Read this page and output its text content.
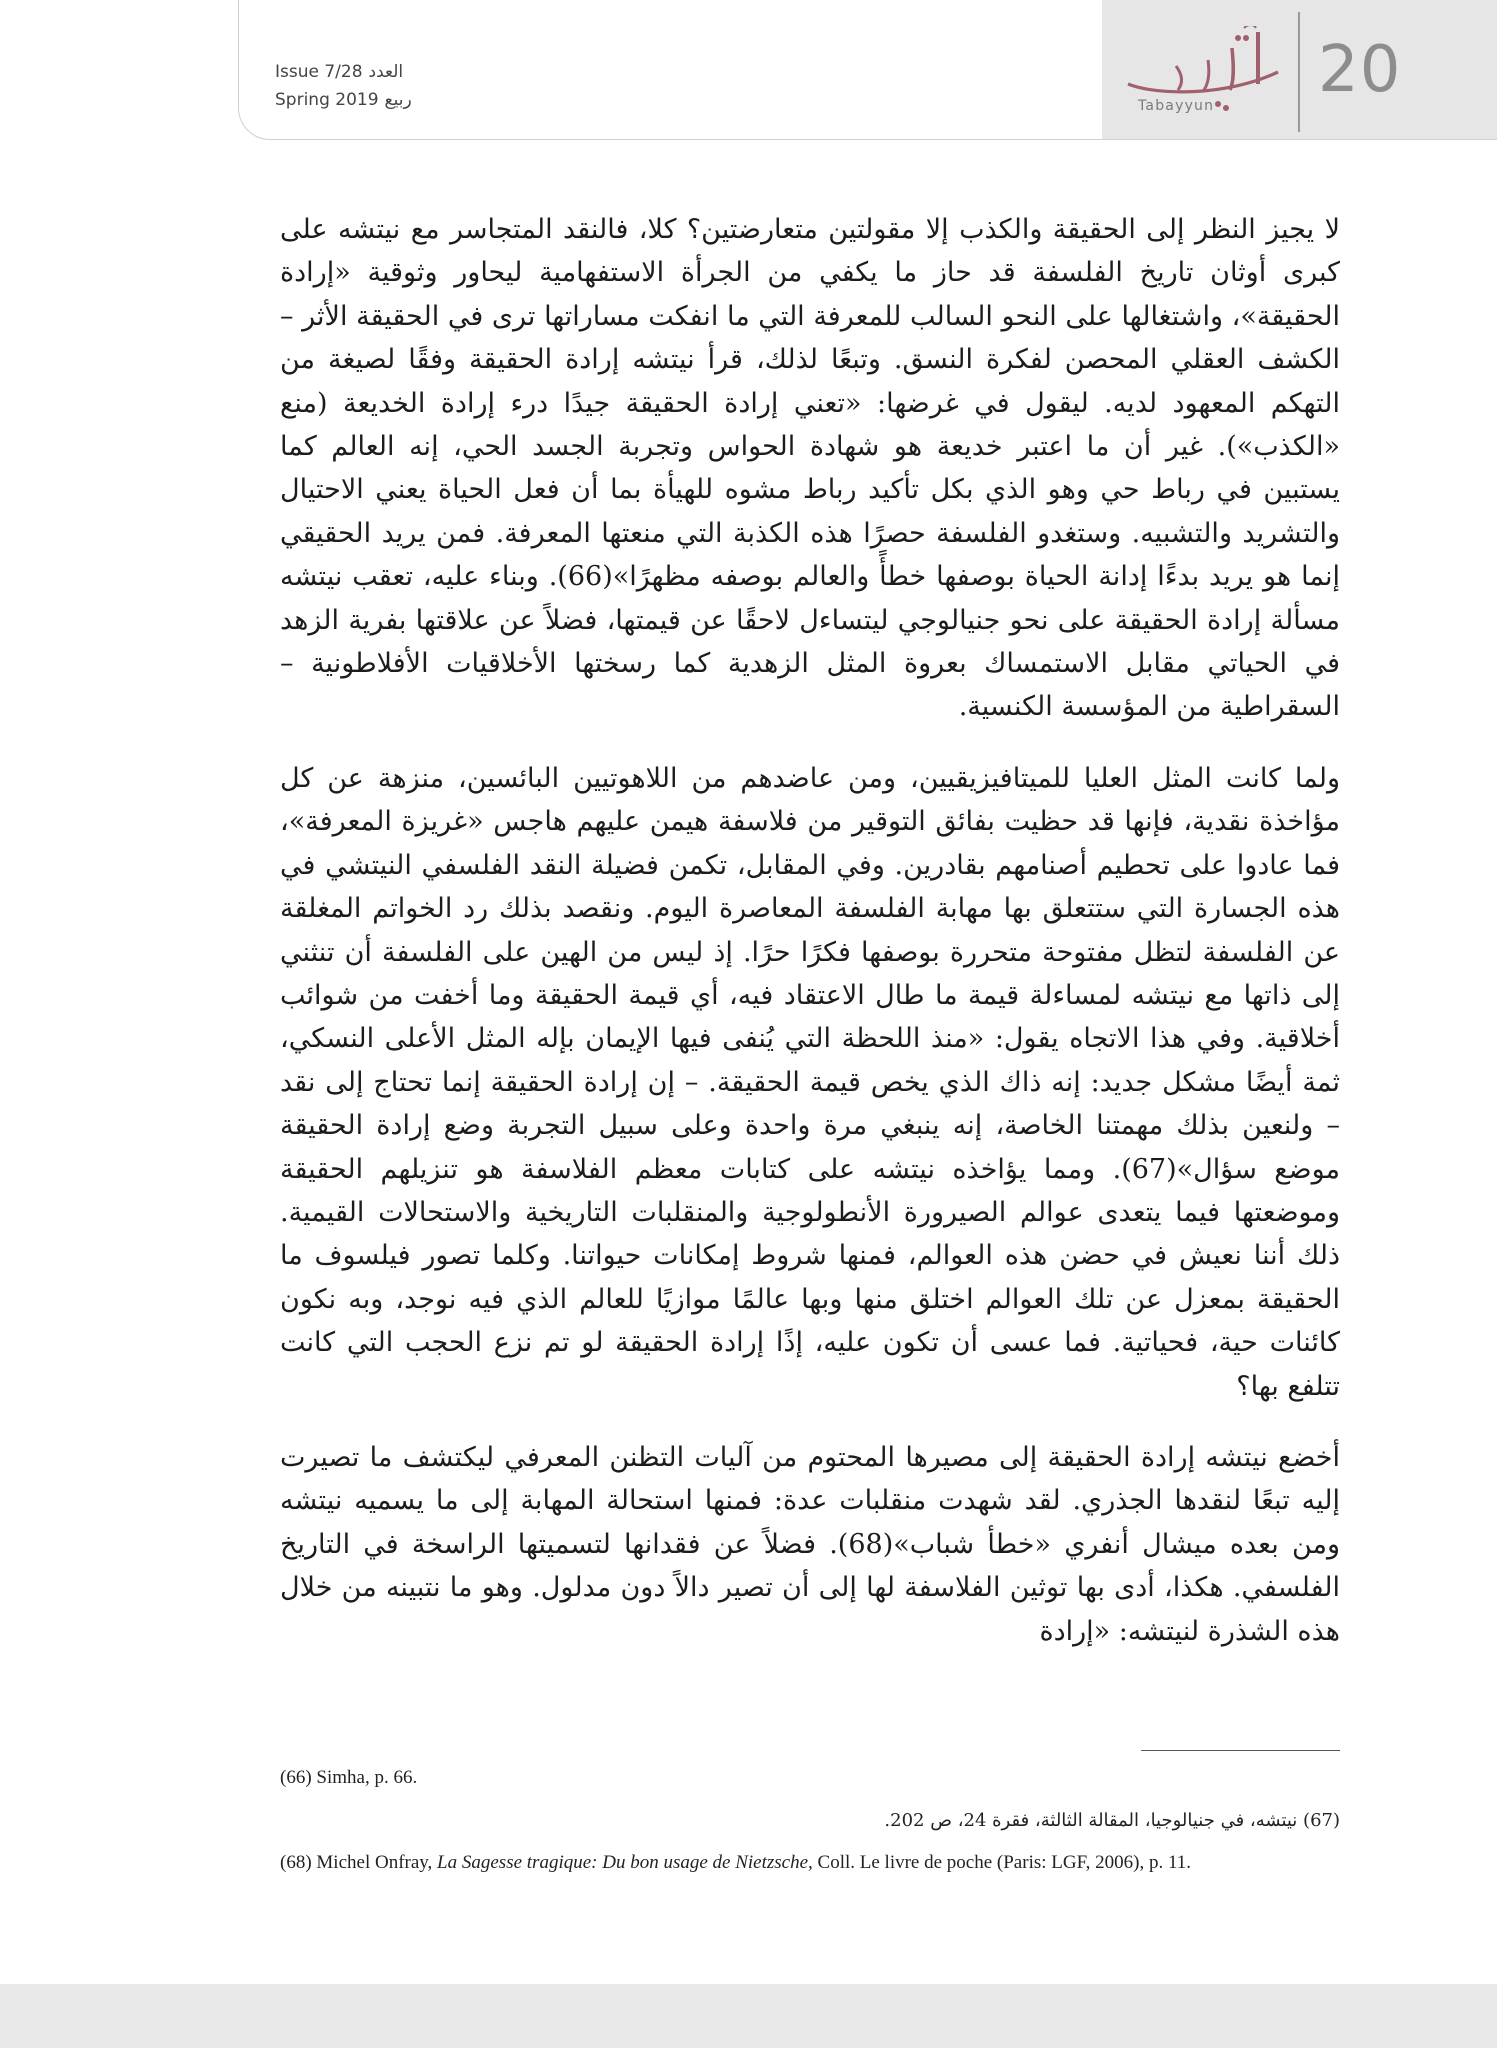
Issue 7/28 العدد
Spring 2019 ربيع	Tabayyun 20

لا يجيز النظر إلى الحقيقة والكذب إلا مقولتين متعارضتين؟ كلا، فالنقد المتجاسر مع نيتشه على كبرى أوثان تاريخ الفلسفة قد حاز ما يكفي من الجرأة الاستفهامية ليحاور وثوقية «إرادة الحقيقة»، واشتغالها على النحو السالب للمعرفة التي ما انفكت مساراتها ترى في الحقيقة الأثر – الكشف العقلي المحصن لفكرة النسق. وتبعًا لذلك، قرأ نيتشه إرادة الحقيقة وفقًا لصيغة من التهكم المعهود لديه. ليقول في غرضها: «تعني إرادة الحقيقة جيدًا درء إرادة الخديعة (منع «الكذب»). غير أن ما اعتبر خديعة هو شهادة الحواس وتجربة الجسد الحي، إنه العالم كما يستبين في رباط حي وهو الذي بكل تأكيد رباط مشوه للهيأة بما أن فعل الحياة يعني الاحتيال والتشريد والتشبيه. وستغدو الفلسفة حصرًا هذه الكذبة التي منعتها المعرفة. فمن يريد الحقيقي إنما هو يريد بدءًا إدانة الحياة بوصفها خطأً والعالم بوصفه مظهرًا»(66). وبناء عليه، تعقب نيتشه مسألة إرادة الحقيقة على نحو جنيالوجي ليتساءل لاحقًا عن قيمتها، فضلاً عن علاقتها بفرية الزهد في الحياتي مقابل الاستمساك بعروة المثل الزهدية كما رسختها الأخلاقيات الأفلاطونية – السقراطية من المؤسسة الكنسية.

ولما كانت المثل العليا للميتافيزيقيين، ومن عاضدهم من اللاهوتيين البائسين، منزهة عن كل مؤاخذة نقدية، فإنها قد حظيت بفائق التوقير من فلاسفة هيمن عليهم هاجس «غريزة المعرفة»، فما عادوا على تحطيم أصنامهم بقادرين. وفي المقابل، تكمن فضيلة النقد الفلسفي النيتشي في هذه الجسارة التي ستتعلق بها مهابة الفلسفة المعاصرة اليوم. ونقصد بذلك رد الخواتم المغلقة عن الفلسفة لتظل مفتوحة متحررة بوصفها فكرًا حرًا. إذ ليس من الهين على الفلسفة أن تنثني إلى ذاتها مع نيتشه لمساءلة قيمة ما طال الاعتقاد فيه، أي قيمة الحقيقة وما أخفت من شوائب أخلاقية. وفي هذا الاتجاه يقول: «منذ اللحظة التي يُنفى فيها الإيمان بإله المثل الأعلى النسكي، ثمة أيضًا مشكل جديد: إنه ذاك الذي يخص قيمة الحقيقة. – إن إرادة الحقيقة إنما تحتاج إلى نقد – ولنعين بذلك مهمتنا الخاصة، إنه ينبغي مرة واحدة وعلى سبيل التجربة وضع إرادة الحقيقة موضع سؤال»(67). ومما يؤاخذه نيتشه على كتابات معظم الفلاسفة هو تنزيلهم الحقيقة وموضعتها فيما يتعدى عوالم الصيرورة الأنطولوجية والمنقلبات التاريخية والاستحالات القيمية. ذلك أننا نعيش في حضن هذه العوالم، فمنها شروط إمكانات حيواتنا. وكلما تصور فيلسوف ما الحقيقة بمعزل عن تلك العوالم اختلق منها وبها عالمًا موازيًا للعالم الذي فيه نوجد، وبه نكون كائنات حية، فحياتية. فما عسى أن تكون عليه، إذًا إرادة الحقيقة لو تم نزع الحجب التي كانت تتلفع بها؟

أخضع نيتشه إرادة الحقيقة إلى مصيرها المحتوم من آليات التظنن المعرفي ليكتشف ما تصيرت إليه تبعًا لنقدها الجذري. لقد شهدت منقلبات عدة: فمنها استحالة المهابة إلى ما يسميه نيتشه ومن بعده ميشال أنفري «خطأ شباب»(68). فضلاً عن فقدانها لتسميتها الراسخة في التاريخ الفلسفي. هكذا، أدى بها توثين الفلاسفة لها إلى أن تصير دالاً دون مدلول. وهو ما نتبينه من خلال هذه الشذرة لنيتشه: «إرادة

(66) Simha, p. 66.
(67) نيتشه، في جنيالوجيا، المقالة الثالثة، فقرة 24، ص 202.
(68) Michel Onfray, La Sagesse tragique: Du bon usage de Nietzsche, Coll. Le livre de poche (Paris: LGF, 2006), p. 11.
